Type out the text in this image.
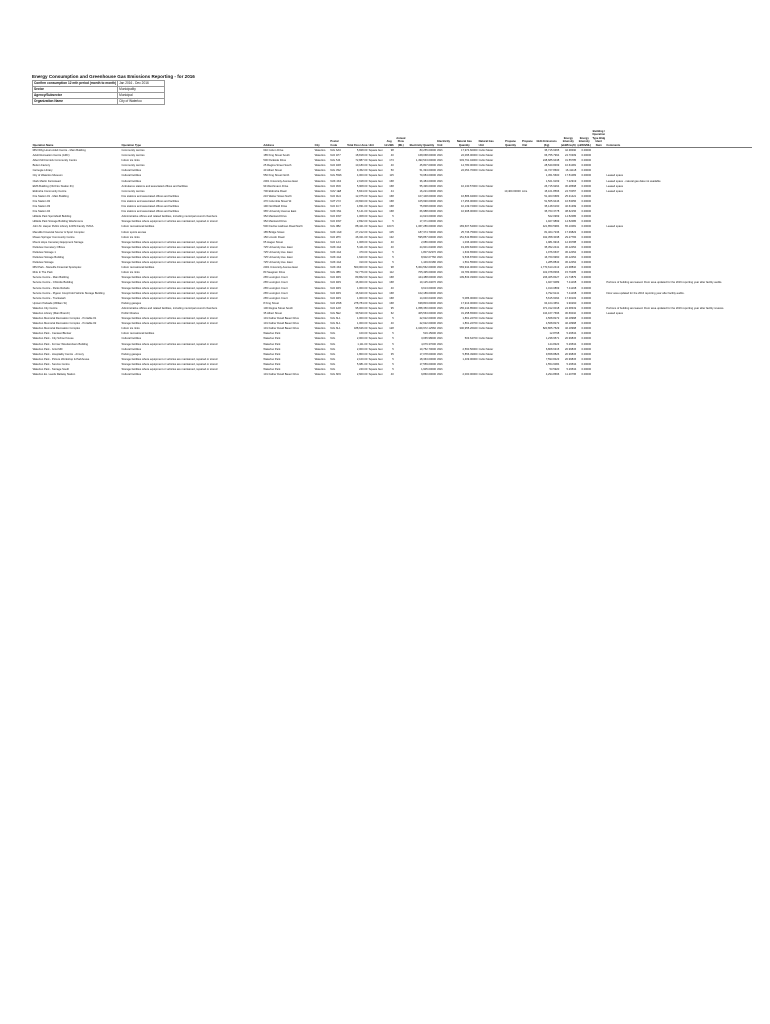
Energy Consumption and Greenhouse Gas Emissions Reporting - for 2016
Confirm consumption 12 mth period (month to month)	Jan 2016 - Dec 2016
Sector	Municipality
Agency/Subsector	Municipal
Organization Name	City of Waterloo
Operation Name	Operation Type	Address	City	Postal Code	Total Floor Area	Unit	Avg Hrs/Wk	Annual Flow (ML)	Electricity Quantity	Electricity Unit	Natural Gas Quantity	Natural Gas Unit	Propane Quantity	Propane Unit	GHG Emissions (Kg)	Energy Intensity (ekWh/sqft)	Energy Intensity (ekWh/ML)	Building / Operation Type Bldg Ident Num	Comments
RIM Whg Hours Adult Centre - Main Building	Community centres	640 Colum Drive	Waterloo	N2L 6A3	5,828.00	Square feet	98		83,255.00000	kWh	17,974.60000	Cubic Meter			35,715.9365	42.38490	0.00000		
Adult Recreation Centre (ARC)	Community centres	185 King Street South	Waterloo	N2J 1P7	18,818.00	Square feet	40		168,068.00000	kWh	22,095.00000	Cubic Meter			66,755.7964	24.70309	0.00000		
Albert McCormick Community Centre	Indoor ice rinks	500 Parkside Drive	Waterloo	N2L 5J4	72,887.00	Square feet	173		1,493,543.00000	kWh	303,791.04000	Cubic Meter			248,685.9438	31.55785	0.00000		
Button Factory	Community centres	25 Regina Street South	Waterloo	N2J 1R8	10,180.00	Square feet	40		45,807.00000	kWh	14,780.00000	Cubic Meter			28,540.8469	16.61081	0.00000		
Carnegie Library	Cultural facilities	40 Albert Street	Waterloo	N2L 3S2	9,452.00	Square feet	50		51,394.00000	kWh	22,054.70000	Cubic Meter			41,727.8600	16.41118	0.00000		
City of Waterloo Museum	Cultural facilities	550 King Street North	Waterloo	N2L 5W6	4,000.00	Square feet	115		70,084.00000	kWh					1,451.5600	17.51083	0.00000		Leased space
Clark Martin Farmstead	Cultural facilities	2001 University Avenue East	Waterloo	N2K 4K4	2,918.00	Square feet	168		36,484.00000	kWh					1,521.9169	7.22919	0.00000		Leased space - natural gas data not available
EMS Building (Old Fire Station #1)	Ambulance stations and associated offices and facilities	99 Weichmann Drive	Waterloo	N2J 3N6	5,908.00	Square feet	168		55,496.00000	kWh	10,130.57000	Cubic Meter			26,715.9264	30.28668	0.00000		Leased space
Eldrosha Community Centre	Community centres	700 Eldrosha Road	Waterloo	N2V 1E8	5,844.00	Square feet	44		16,221.00000	kWh			10,400.00000	Litre	15,101.8566	24.70057	0.00000		Leased space
Fire Station #1 - Main Building	Fire stations and associated offices and facilities	216 Weber Street North	Waterloo	N2J 3H4	12,075.00	Square feet	168		107,448.00000	kWh	16,886.94000	Cubic Meter			51,403.6683	25.31421	0.00000		
Fire Station #2	Fire stations and associated offices and facilities	470 Columbia Street W.	Waterloo	N2T 2Y2	20,820.00	Square feet	168		105,990.00000	kWh	17,256.00000	Cubic Meter			51,565.9446	16.53056	0.00000		
Fire Station #3	Fire stations and associated offices and facilities	190 Northfield Drive	Waterloo	N2J 4C7	4,831.00	Square feet	168		75,838.00000	kWh	10,139.72000	Cubic Meter			35,148.6160	46.61399	0.00000		
Fire Station #4	Fire stations and associated offices and facilities	365 University Avenue East	Waterloo	N2K 3N1	5,141.00	Square feet	168		66,988.00000	kWh	10,908.00000	Cubic Meter			35,763.3778	38.62156	0.00000		
Hillside Park Sportsfield Building	Administrative offices and related facilities, including municipal council chambers	352 Marsland Drive	Waterloo	N2J 4W7	1,008.00	Square feet	5		14,623.00000	kWh					522.0969	14.52086	0.00000		
Hillside Park Storage Building Washrooms	Storage facilities where equipment or vehicles are maintained, repaired or stored	352 Marsland Drive	Waterloo	N2J 4W7	2,832.00	Square feet	5		17,371.00000	kWh					1,927.9899	14.52086	0.00000		
John M. Harper Public Library & RIM Family YMCA	Indoor recreational facilities	500 Fischer-Hallman Road North	Waterloo	N2L 0B2	88,421.00	Square feet	103.5		1,367,286.00000	kWh	183,607.54000	Cubic Meter			421,850.5984	65.10081	0.00000		Leased space
Manulife Financial Soccer & Sport Complex	Indoor sports arenas	185 Bridge Street	Waterloo	N2K 1G9	27,212.00	Square feet	105		187,374.70000	kWh	25,736.75000	Cubic Meter			81,464.7236	17.39823	0.00000		
Moses Springer Community Centre	Indoor ice rinks	150 Lincoln Road	Waterloo	N2J 2P6	46,321.00	Square feet	132		595,857.00000	kWh	151,543.85000	Cubic Meter			342,358.3038	29.27784	0.00000		
Mount Hope Cemetery Equipment Storage	Storage facilities where equipment or vehicles are maintained, repaired or stored	65 Hagen Street	Waterloo	N2J 1A4	1,008.00	Square feet	40		2,086.00000	kWh	1,036.40000	Cubic Meter			1,981.9916	12.39788	0.00000		
Parkview Cemetery Offices	Storage facilities where equipment or vehicles are maintained, repaired or stored	725 University Ave. East	Waterloo	N2K 4A4	5,441.00	Square feet	40		24,901.04000	kWh	19,480.84000	Cubic Meter			35,352.2441	36.12054	0.00000		
Parkview Storage 1	Storage facilities where equipment or vehicles are maintained, repaired or stored	725 University Ave. East	Waterloo	N2K 4A4	470.00	Square feet	5		1,807.62370	kWh	1,633.65000	Cubic Meter			1,976.6637	36.12054	0.00000		
Parkview Storage Building	Storage facilities where equipment or vehicles are maintained, repaired or stored	725 University Ave. East	Waterloo	N2K 4A4	1,620.00	Square feet	5		8,902.07760	kWh	9,536.87000	Cubic Meter			16,760.9960	36.12054	0.00000		
Parkview Storage	Storage facilities where equipment or vehicles are maintained, repaired or stored	725 University Ave. East	Waterloo	N2K 4A4	310.00	Square feet	5		1,449.63180	kWh	1,561.55000	Cubic Meter			1,285.8843	36.12054	0.00000		
RIM Park - Manulife Financial Sportsplex	Indoor recreational facilities	2001 University Avenue East	Waterloo	N2K 4K4	500,000.00	Square feet	98		5,304,562.00000	kWh	583,944.00000	Cubic Meter			1,770,613.2413	24.38810	0.00000		
Rink In The Park	Indoor ice rinks	80 Seagram Drive	Waterloo	N2L 3B6	52,776.00	Square feet	112		705,495.00000	kWh	43,783.00000	Cubic Meter			102,078.8366	15.76485	0.00000		
Service Centre - Main Building	Storage facilities where equipment or vehicles are maintained, repaired or stored	265 Lexington Court	Waterloo	N2J 4R9	89,862.00	Square feet	168		444,488.00000	kWh	109,833.33000	Cubic Meter			236,465.8427	21.74879	0.00000		
Service Centre - Chloride Building	Storage facilities where equipment or vehicles are maintained, repaired or stored	265 Lexington Court	Waterloo	N2J 4R9	16,000.00	Square feet	168		10,125.24070	kWh					1,927.9089	7.41168	0.00000		Portions of building are leased. Floor area updated for the 2016 reporting year after facility audits.
Service Centre - Parks Rehabs	Storage facilities where equipment or vehicles are maintained, repaired or stored	265 Lexington Court	Waterloo	N2J 4R9	1,000.00	Square feet	40		9,613.00000	kWh					1,010.0869	7.41168	0.00000		
Service Centre - Pigeon Coop/Cold Vehicle Storage Building	Storage facilities where equipment or vehicles are maintained, repaired or stored	265 Lexington Court	Waterloo	N2J 4R9	16,620.00	Square feet	168		102,189.00000	kWh					4,792.9141	7.41168	0.00000		Floor area updated for the 2016 reporting year after facility audits.
Service Centre - Truckwash	Storage facilities where equipment or vehicles are maintained, repaired or stored	265 Lexington Court	Waterloo	N2J 4R9	1,000.00	Square feet	168		14,040.04000	kWh	5,086.00000	Cubic Meter			5,615.6094	17.30103	0.00000		
Uptown Parkade (William St)	Parking garages	8 King Street	Waterloo	N2J 2W8	278,784.00	Square feet	168		638,803.00000	kWh	17,913.00000	Cubic Meter			64,104.3651	3.90290	0.00000		
Waterloo City Centre	Administrative offices and related facilities, including municipal council chambers	100 Regina Street South	Waterloo	N2J 4A8	95,000.00	Square feet	95		1,358,350.00000	kWh	155,244.85000	Cubic Meter			371,312.0018	24.38319	0.00000		Portions of building are leased. Floor area updated for the 2016 reporting year after facility reviews.
Waterloo Library (Main Branch)	Public libraries	35 Albert Street	Waterloo	N2L 5E2	39,520.00	Square feet	62		405,563.00000	kWh	31,258.65000	Cubic Meter			134,167.7696	30.66010	0.00000		Leased space
Waterloo Memorial Recreation Complex - Portable #1	Storage facilities where equipment or vehicles are maintained, repaired or stored	101 Father David Bauer Drive	Waterloo	N2L 6L1	1,000.00	Square feet	5		22,622.00000	kWh	1,861.22700	Cubic Meter			4,568.8272	46.18968	0.00000		
Waterloo Memorial Recreation Complex - Portable #2	Storage facilities where equipment or vehicles are maintained, repaired or stored	101 Father David Bauer Drive	Waterloo	N2L 6L1	1,000.00	Square feet	40		22,622.00000	kWh	1,861.22700	Cubic Meter			4,568.8272	46.18968	0.00000		
Waterloo Memorial Recreation Complex	Indoor ice rinks	101 Father David Bauer Drive	Waterloo	N2L 6L1	188,626.00	Square feet	128		4,349,972.12560	kWh	300,955.26020	Cubic Meter			820,865.7529	46.18968	0.00000		
Waterloo Park - Canteen/Bunker	Indoor recreational facilities	Waterloo Park	Waterloo	N2L	100.00	Square feet	5		519.15000	kWh					12.8768	5.29534	0.00000		
Waterloo Park - City School house	Cultural facilities	Waterloo Park	Waterloo	N2L	2,000.00	Square feet	5		3,065.98000	kWh	503.64700	Cubic Meter			1,238.9571	20.99815	0.00000		
Waterloo Park - Former Woodworkers Building	Storage facilities where equipment or vehicles are maintained, repaired or stored	Waterloo Park	Waterloo	N2L	1,111.00	Square feet	5		4,079.37000	kWh					144.8323	5.29534	0.00000		
Waterloo Park - Grist Mill	Cultural facilities	Waterloo Park	Waterloo	N2L	2,000.00	Square feet	5		10,752.70000	kWh	2,560.56000	Cubic Meter			6,808.6315	20.99815	0.00000		
Waterloo Park - Hospitality Centre - Armory	Parking garages	Waterloo Park	Waterloo	N2L	1,800.00	Square feet	35		17,078.00000	kWh	5,856.49000	Cubic Meter			9,658.8826	20.99815	0.00000		
Waterloo Park - Picture Workshop & Parkhouse	Storage facilities where equipment or vehicles are maintained, repaired or stored	Waterloo Park	Waterloo	N2L	2,100.00	Square feet	5		18,363.00000	kWh	1,409.00000	Cubic Meter			7,593.8423	20.99815	0.00000		
Waterloo Park - Service Centre	Storage facilities where equipment or vehicles are maintained, repaired or stored	Waterloo Park	Waterloo	N2L	5,981.00	Square feet	5		17,559.00000	kWh					1,554.6084	5.29534	0.00000		
Waterloo Park - Storage South	Storage facilities where equipment or vehicles are maintained, repaired or stored	Waterloo Park	Waterloo	N2L	240.00	Square feet	5		1,905.00000	kWh					53.5920	5.29534	0.00000		
Waterloo Ex. Leeds Railway Station	Cultural facilities	101 Father David Bauer Drive	Waterloo	N2L 6K9	2,600.00	Square feet	40		9,860.00000	kWh	2,000.00000	Cubic Meter			4,294.8666	11.20795	0.00000		
